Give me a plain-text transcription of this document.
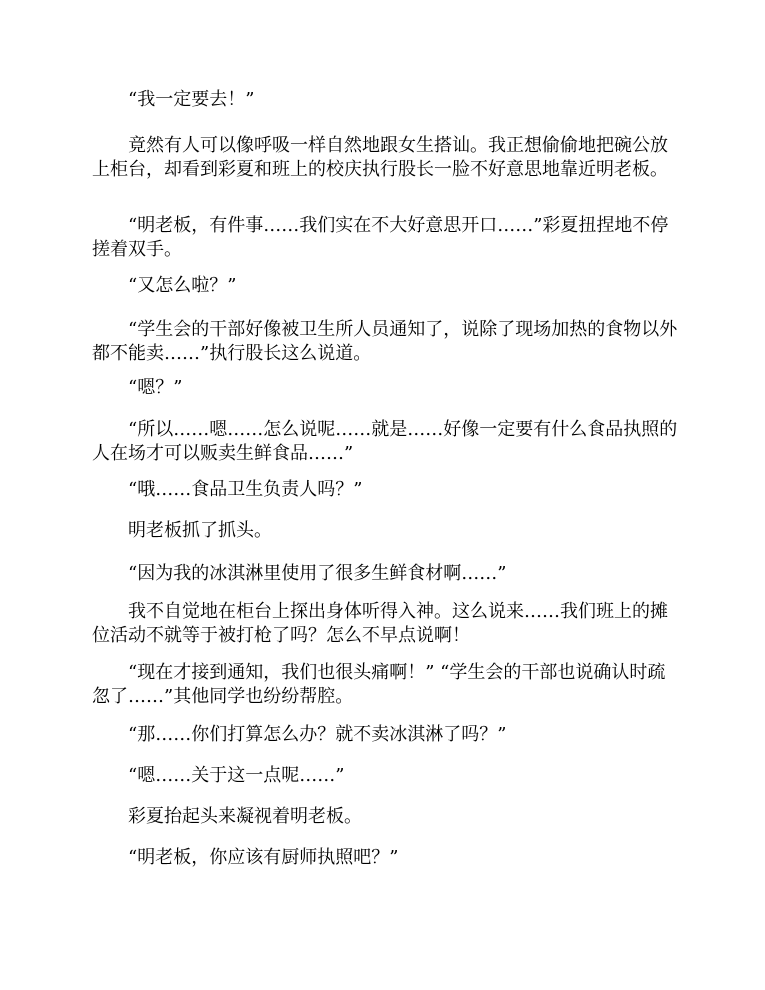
“我一定要去！”

竟然有人可以像呼吸一样自然地跟女生搭讪。我正想偷偷地把碗公放上柜台，却看到彩夏和班上的校庆执行股长一脸不好意思地靠近明老板。

“明老板，有件事……我们实在不大好意思开口……”彩夏扭捏地不停搓着双手。

“又怎么啦？”

“学生会的干部好像被卫生所人员通知了，说除了现场加热的食物以外都不能卖……”执行股长这么说道。

“嗯？”

“所以……嗯……怎么说呢……就是……好像一定要有什么食品执照的人在场才可以贩卖生鲜食品……”

“哦……食品卫生负责人吗？”

明老板抓了抓头。

“因为我的冰淇淋里使用了很多生鲜食材啊……”

我不自觉地在柜台上探出身体听得入神。这么说来……我们班上的摊位活动不就等于被打枪了吗？怎么不早点说啊！

“现在才接到通知，我们也很头痛啊！” “学生会的干部也说确认时疏忽了……”其他同学也纷纷帮腔。

“那……你们打算怎么办？就不卖冰淇淋了吗？”

“嗯……关于这一点呢……”

彩夏抬起头来凝视着明老板。

“明老板，你应该有厨师执照吧？”
